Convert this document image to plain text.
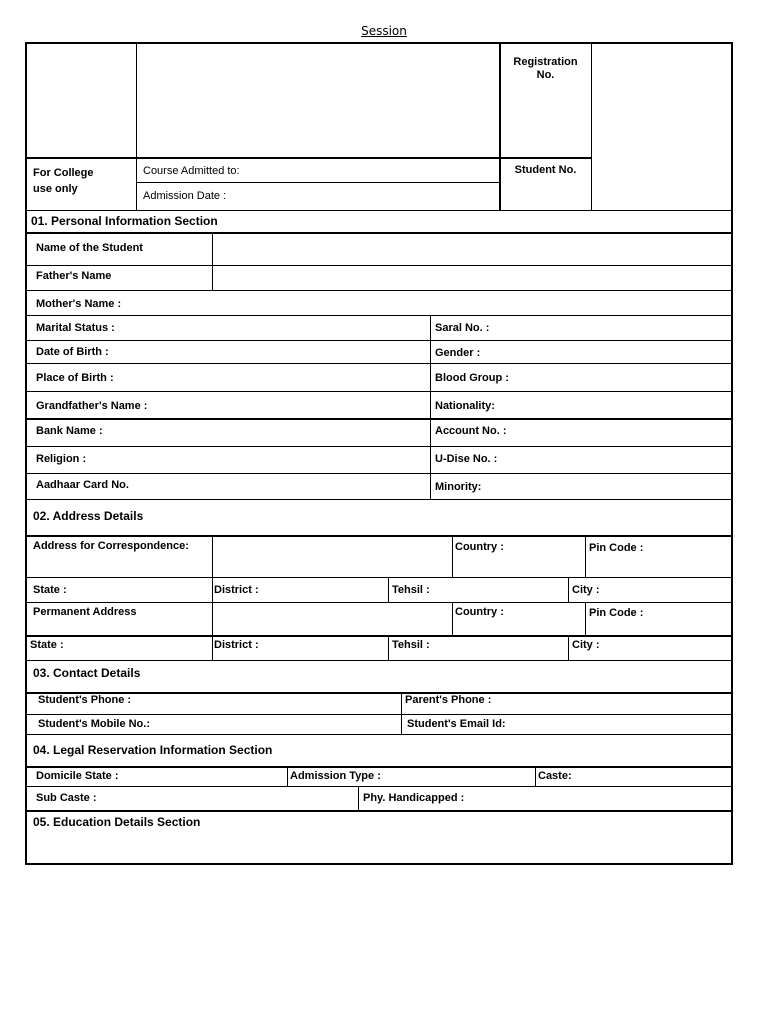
Session
Registration
No.
Student No.
For College
use only
Course Admitted to:
Admission Date :
01. Personal Information Section
Name of the Student
Father's Name
Mother's Name :
Marital Status :	Saral No. :
Date of Birth :	Gender :
Place of Birth :	Blood Group :
Grandfather's Name :	Nationality:
Bank Name :	Account No. :
Religion :	U-Dise No. :
Aadhaar Card No.	Minority:
02. Address Details
Address for Correspondence:	Country :	Pin Code :
State :	District :	Tehsil :	City :
Permanent Address	Country :	Pin Code :
State :	District :	Tehsil :	City :
03. Contact Details
Student's Phone :	Parent's Phone :
Student's Mobile No.:	Student's Email Id:
04. Legal Reservation Information Section
Domicile State :	Admission Type :	Caste:
Sub Caste :	Phy. Handicapped :
05. Education Details Section
